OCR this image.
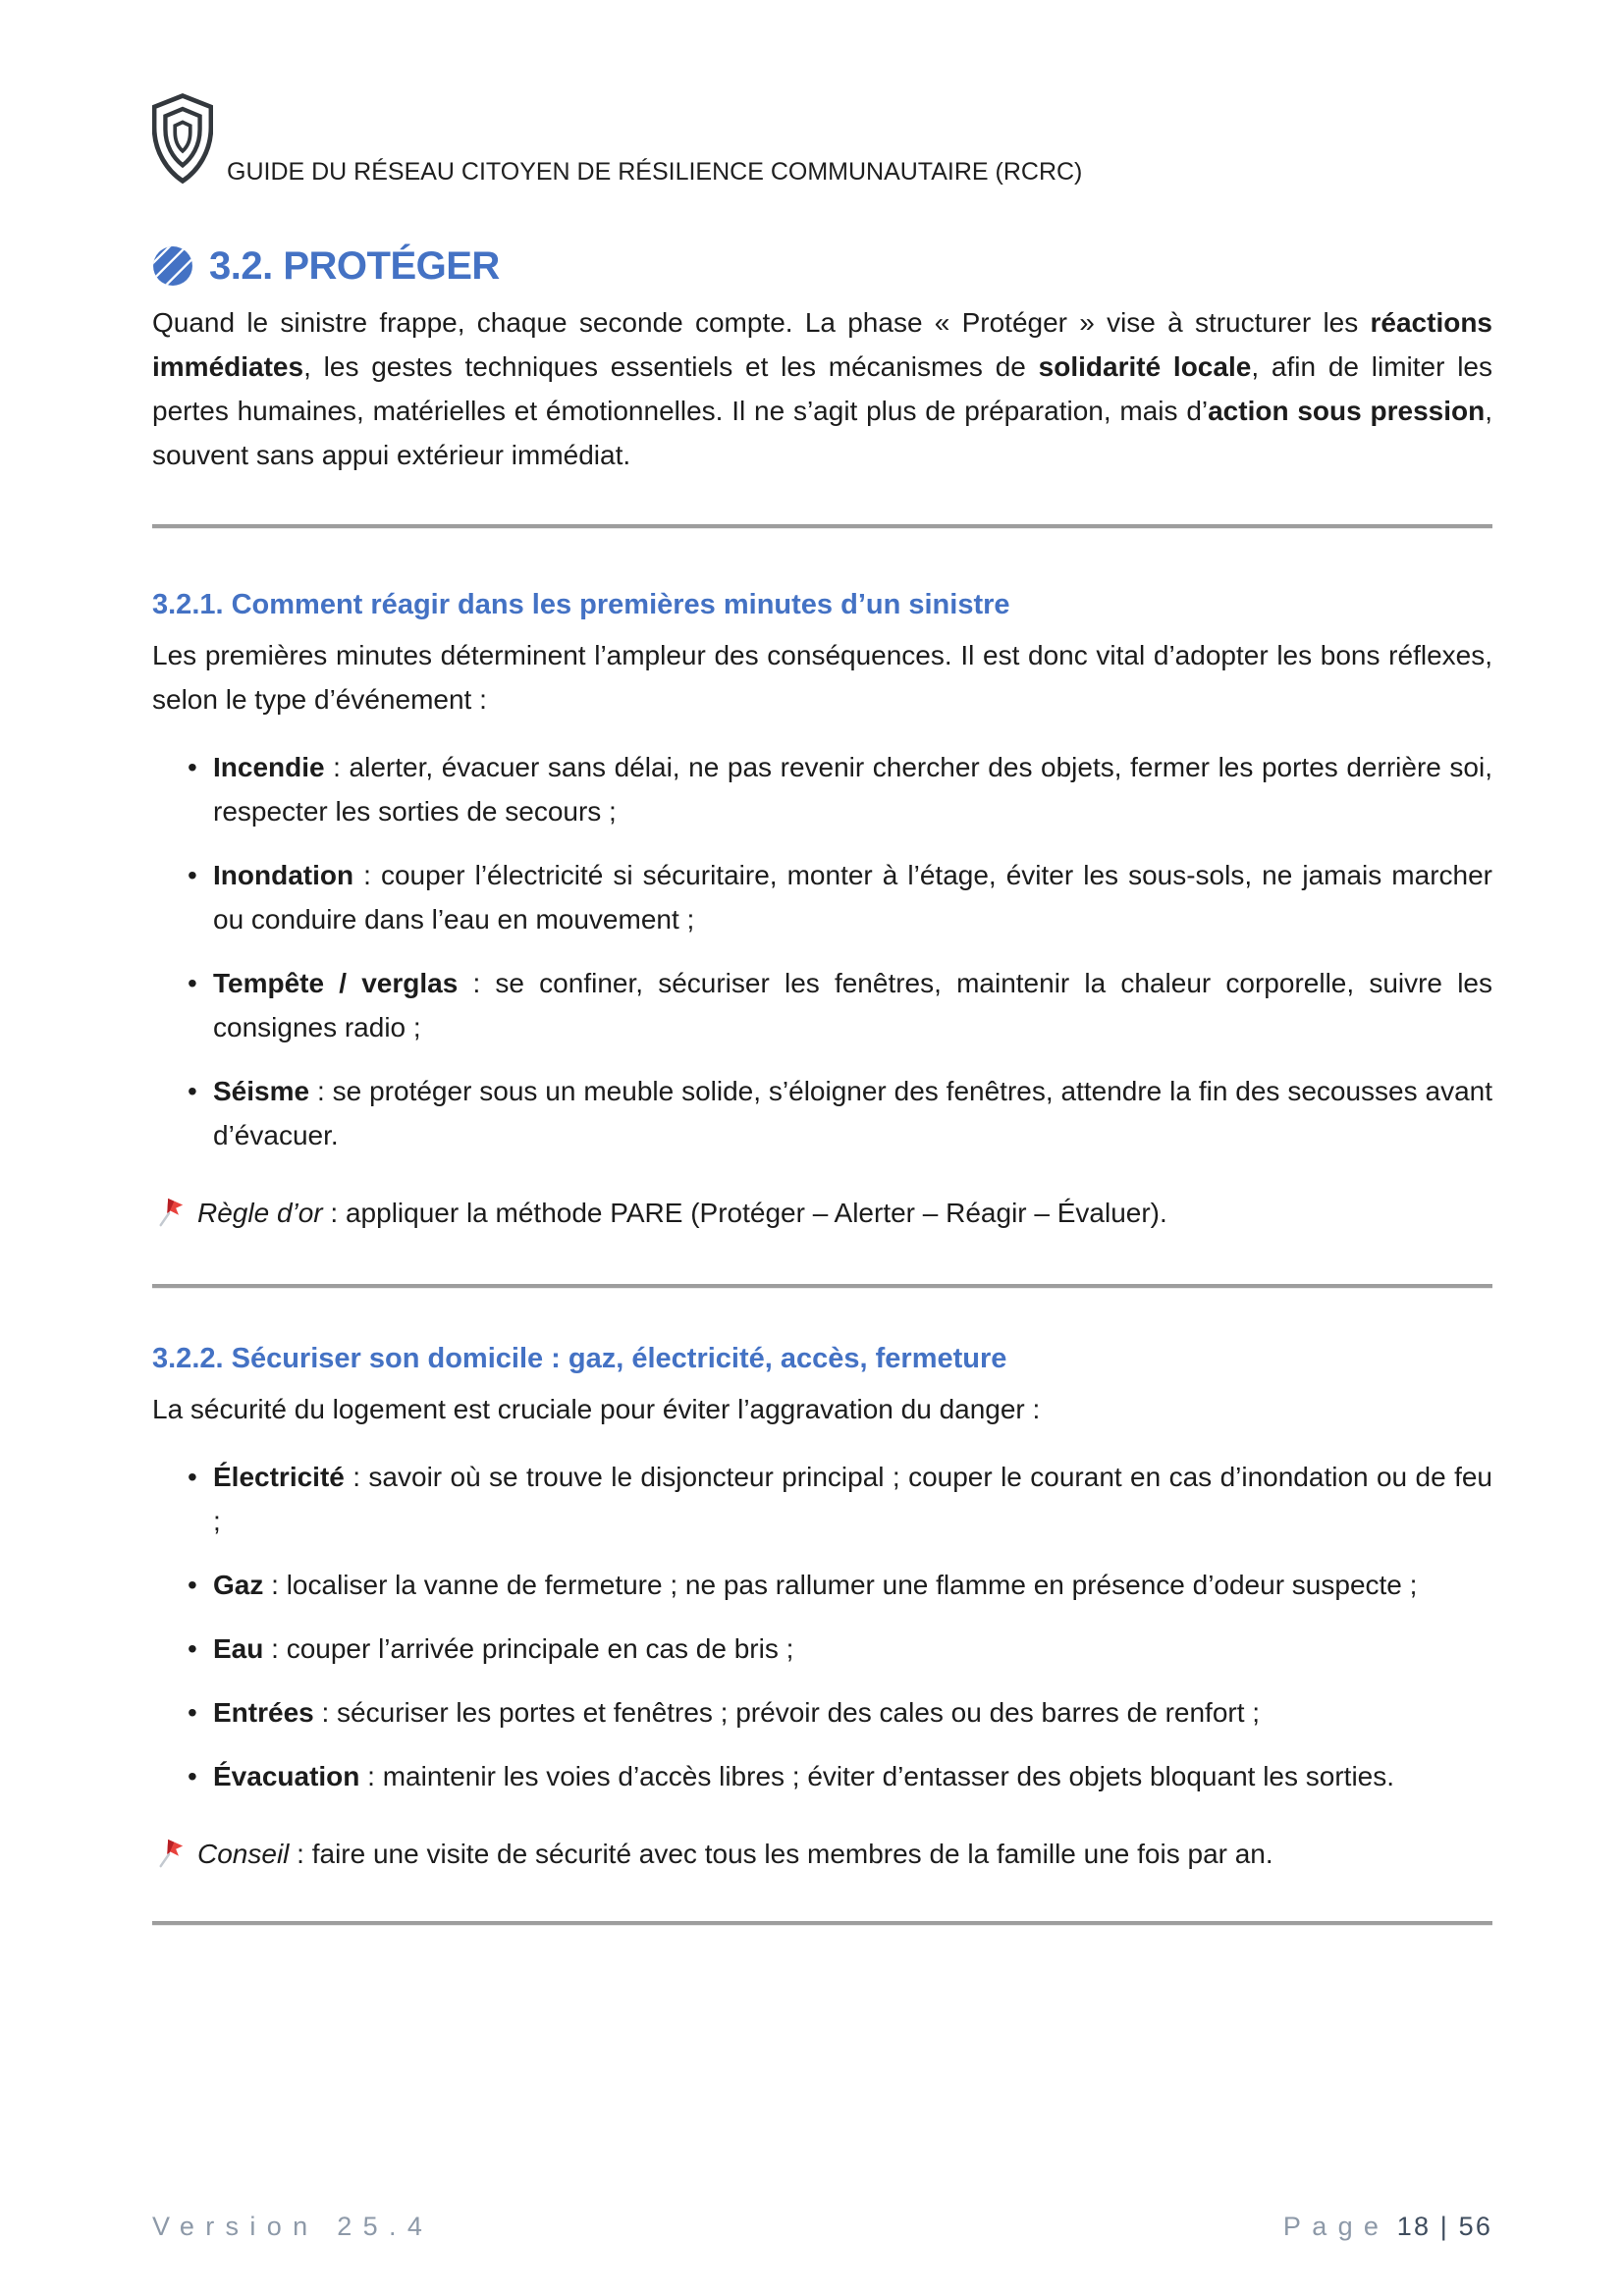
GUIDE DU RÉSEAU CITOYEN DE RÉSILIENCE COMMUNAUTAIRE (RCRC)
3.2. PROTÉGER

Quand le sinistre frappe, chaque seconde compte. La phase « Protéger » vise à structurer les réactions immédiates, les gestes techniques essentiels et les mécanismes de solidarité locale, afin de limiter les pertes humaines, matérielles et émotionnelles. Il ne s’agit plus de préparation, mais d’action sous pression, souvent sans appui extérieur immédiat.

3.2.1. Comment réagir dans les premières minutes d’un sinistre

Les premières minutes déterminent l’ampleur des conséquences. Il est donc vital d’adopter les bons réflexes, selon le type d’événement :

• Incendie : alerter, évacuer sans délai, ne pas revenir chercher des objets, fermer les portes derrière soi, respecter les sorties de secours ;
• Inondation : couper l’électricité si sécuritaire, monter à l’étage, éviter les sous-sols, ne jamais marcher ou conduire dans l’eau en mouvement ;
• Tempête / verglas : se confiner, sécuriser les fenêtres, maintenir la chaleur corporelle, suivre les consignes radio ;
• Séisme : se protéger sous un meuble solide, s’éloigner des fenêtres, attendre la fin des secousses avant d’évacuer.
Règle d’or : appliquer la méthode PARE (Protéger – Alerter – Réagir – Évaluer).
3.2.2. Sécuriser son domicile : gaz, électricité, accès, fermeture

La sécurité du logement est cruciale pour éviter l’aggravation du danger :

• Électricité : savoir où se trouve le disjoncteur principal ; couper le courant en cas d’inondation ou de feu ;
• Gaz : localiser la vanne de fermeture ; ne pas rallumer une flamme en présence d’odeur suspecte ;
• Eau : couper l’arrivée principale en cas de bris ;
• Entrées : sécuriser les portes et fenêtres ; prévoir des cales ou des barres de renfort ;
• Évacuation : maintenir les voies d’accès libres ; éviter d’entasser des objets bloquant les sorties.
Conseil : faire une visite de sécurité avec tous les membres de la famille une fois par an.
Version 25.4	Page 18 | 56
